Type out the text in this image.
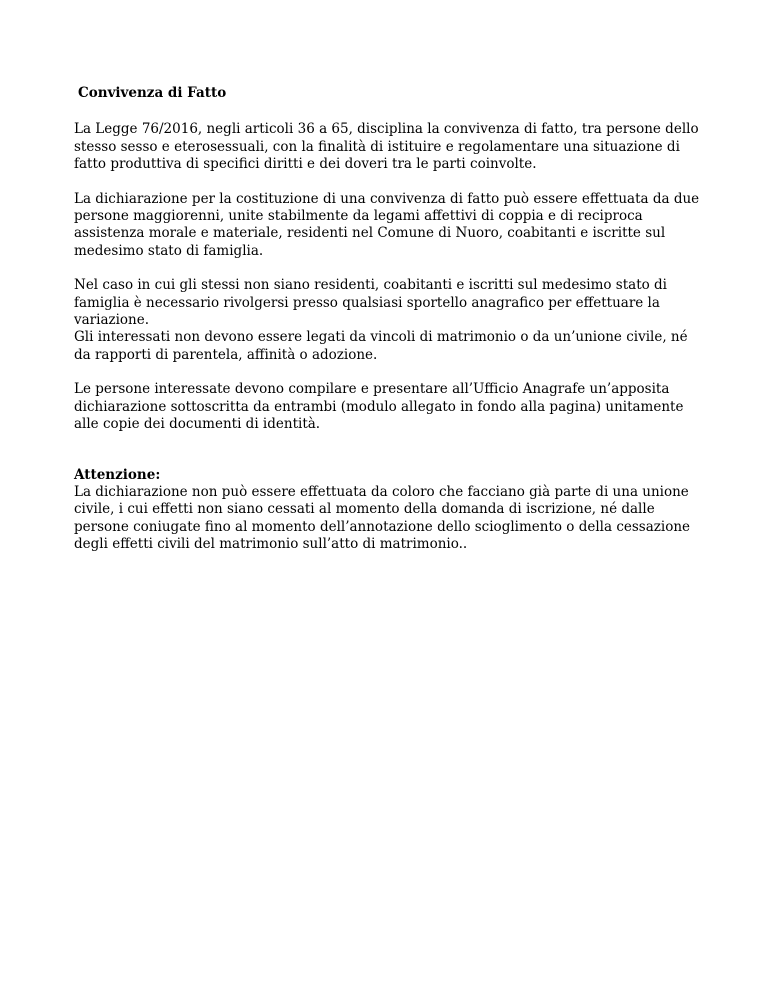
Convivenza di Fatto

La Legge 76/2016, negli articoli 36 a 65, disciplina la convivenza di fatto, tra persone dello stesso sesso e eterosessuali, con la finalità di istituire e regolamentare una situazione di fatto produttiva di specifici diritti e dei doveri tra le parti coinvolte.

La dichiarazione per la costituzione di una convivenza di fatto può essere effettuata da due persone maggiorenni, unite stabilmente da legami affettivi di coppia e di reciproca assistenza morale e materiale, residenti nel Comune di Nuoro, coabitanti e iscritte sul medesimo stato di famiglia.

Nel caso in cui gli stessi non siano residenti, coabitanti e iscritti sul medesimo stato di famiglia è necessario rivolgersi presso qualsiasi sportello anagrafico per effettuare la variazione.

Gli interessati non devono essere legati da vincoli di matrimonio o da un’unione civile, né da rapporti di parentela, affinità o adozione.

Le persone interessate devono compilare e presentare all’Ufficio Anagrafe un’apposita dichiarazione sottoscritta da entrambi (modulo allegato in fondo alla pagina) unitamente alle copie dei documenti di identità.

Attenzione:

La dichiarazione non può essere effettuata da coloro che facciano già parte di una unione civile, i cui effetti non siano cessati al momento della domanda di iscrizione, né dalle persone coniugate fino al momento dell’annotazione dello scioglimento o della cessazione degli effetti civili del matrimonio sull’atto di matrimonio..
